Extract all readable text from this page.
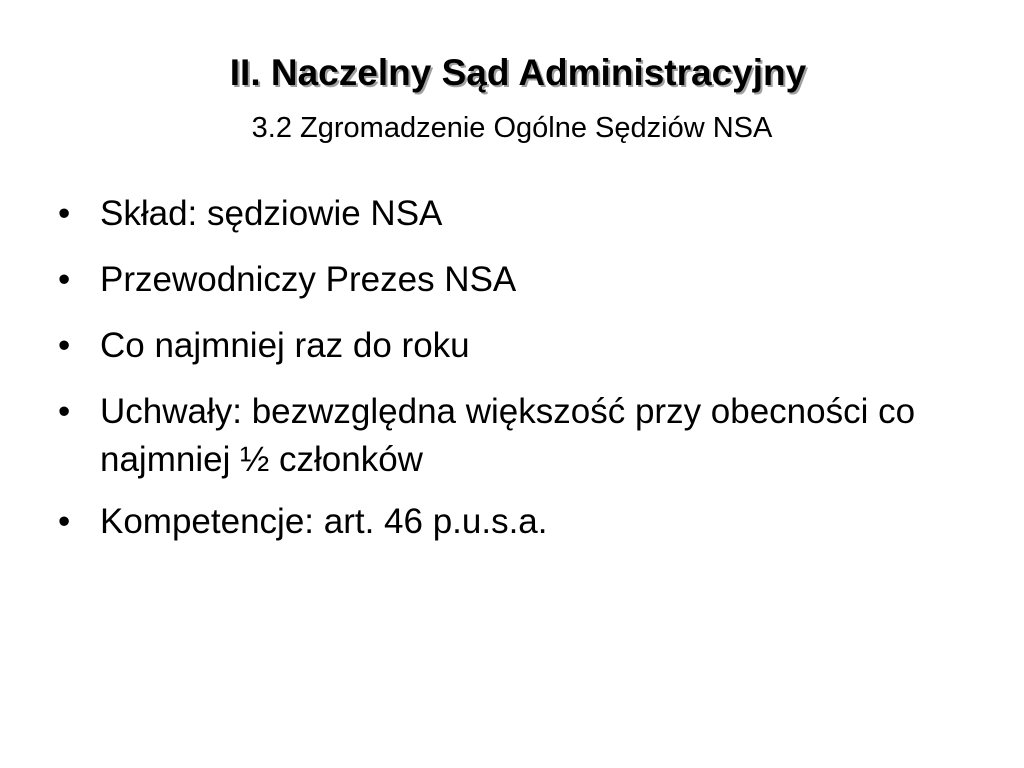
II. Naczelny Sąd Administracyjny
3.2 Zgromadzenie Ogólne Sędziów NSA
• Skład: sędziowie NSA
• Przewodniczy Prezes NSA
• Co najmniej raz do roku
• Uchwały: bezwzględna większość przy obecności co najmniej ½ członków
• Kompetencje: art. 46 p.u.s.a.
